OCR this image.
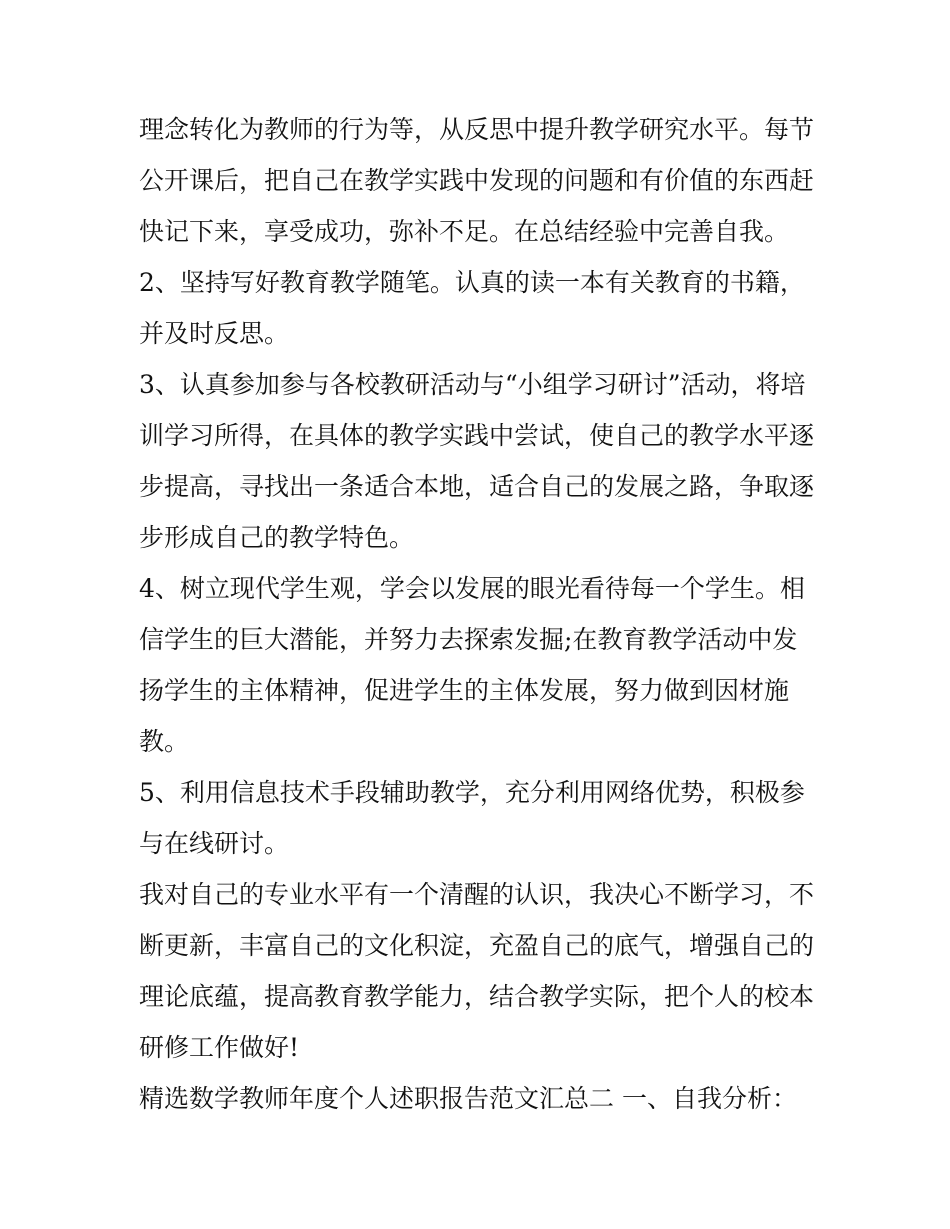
理念转化为教师的行为等，从反思中提升教学研究水平。每节
公开课后，把自己在教学实践中发现的问题和有价值的东西赶
快记下来，享受成功，弥补不足。在总结经验中完善自我。
2、坚持写好教育教学随笔。认真的读一本有关教育的书籍，
并及时反思。
3、认真参加参与各校教研活动与“小组学习研讨”活动，将培
训学习所得，在具体的教学实践中尝试，使自己的教学水平逐
步提高，寻找出一条适合本地，适合自己的发展之路，争取逐
步形成自己的教学特色。
4、树立现代学生观，学会以发展的眼光看待每一个学生。相
信学生的巨大潜能，并努力去探索发掘;在教育教学活动中发
扬学生的主体精神，促进学生的主体发展，努力做到因材施
教。
5、利用信息技术手段辅助教学，充分利用网络优势，积极参
与在线研讨。
我对自己的专业水平有一个清醒的认识，我决心不断学习，不
断更新，丰富自己的文化积淀，充盈自己的底气，增强自己的
理论底蕴，提高教育教学能力，结合教学实际，把个人的校本
研修工作做好!
精选数学教师年度个人述职报告范文汇总二 一、自我分析：
